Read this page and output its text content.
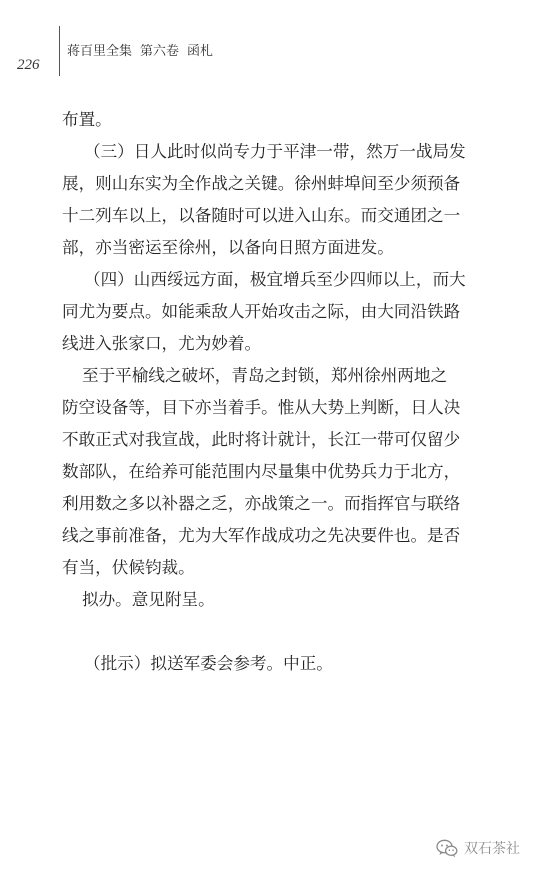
226
蒋百里全集 第六卷 函札
布置。
（三）日人此时似尚专力于平津一带，然万一战局发
展，则山东实为全作战之关键。徐州蚌埠间至少须预备
十二列车以上，以备随时可以进入山东。而交通团之一
部，亦当密运至徐州，以备向日照方面进发。
（四）山西绥远方面，极宜增兵至少四师以上，而大
同尤为要点。如能乘敌人开始攻击之际，由大同沿铁路
线进入张家口，尤为妙着。
至于平榆线之破坏，青岛之封锁，郑州徐州两地之
防空设备等，目下亦当着手。惟从大势上判断，日人决
不敢正式对我宣战，此时将计就计，长江一带可仅留少
数部队，在给养可能范围内尽量集中优势兵力于北方，
利用数之多以补器之乏，亦战策之一。而指挥官与联络
线之事前准备，尤为大军作战成功之先决要件也。是否
有当，伏候钧裁。
拟办。意见附呈。
（批示）拟送军委会参考。中正。
双石茶社
